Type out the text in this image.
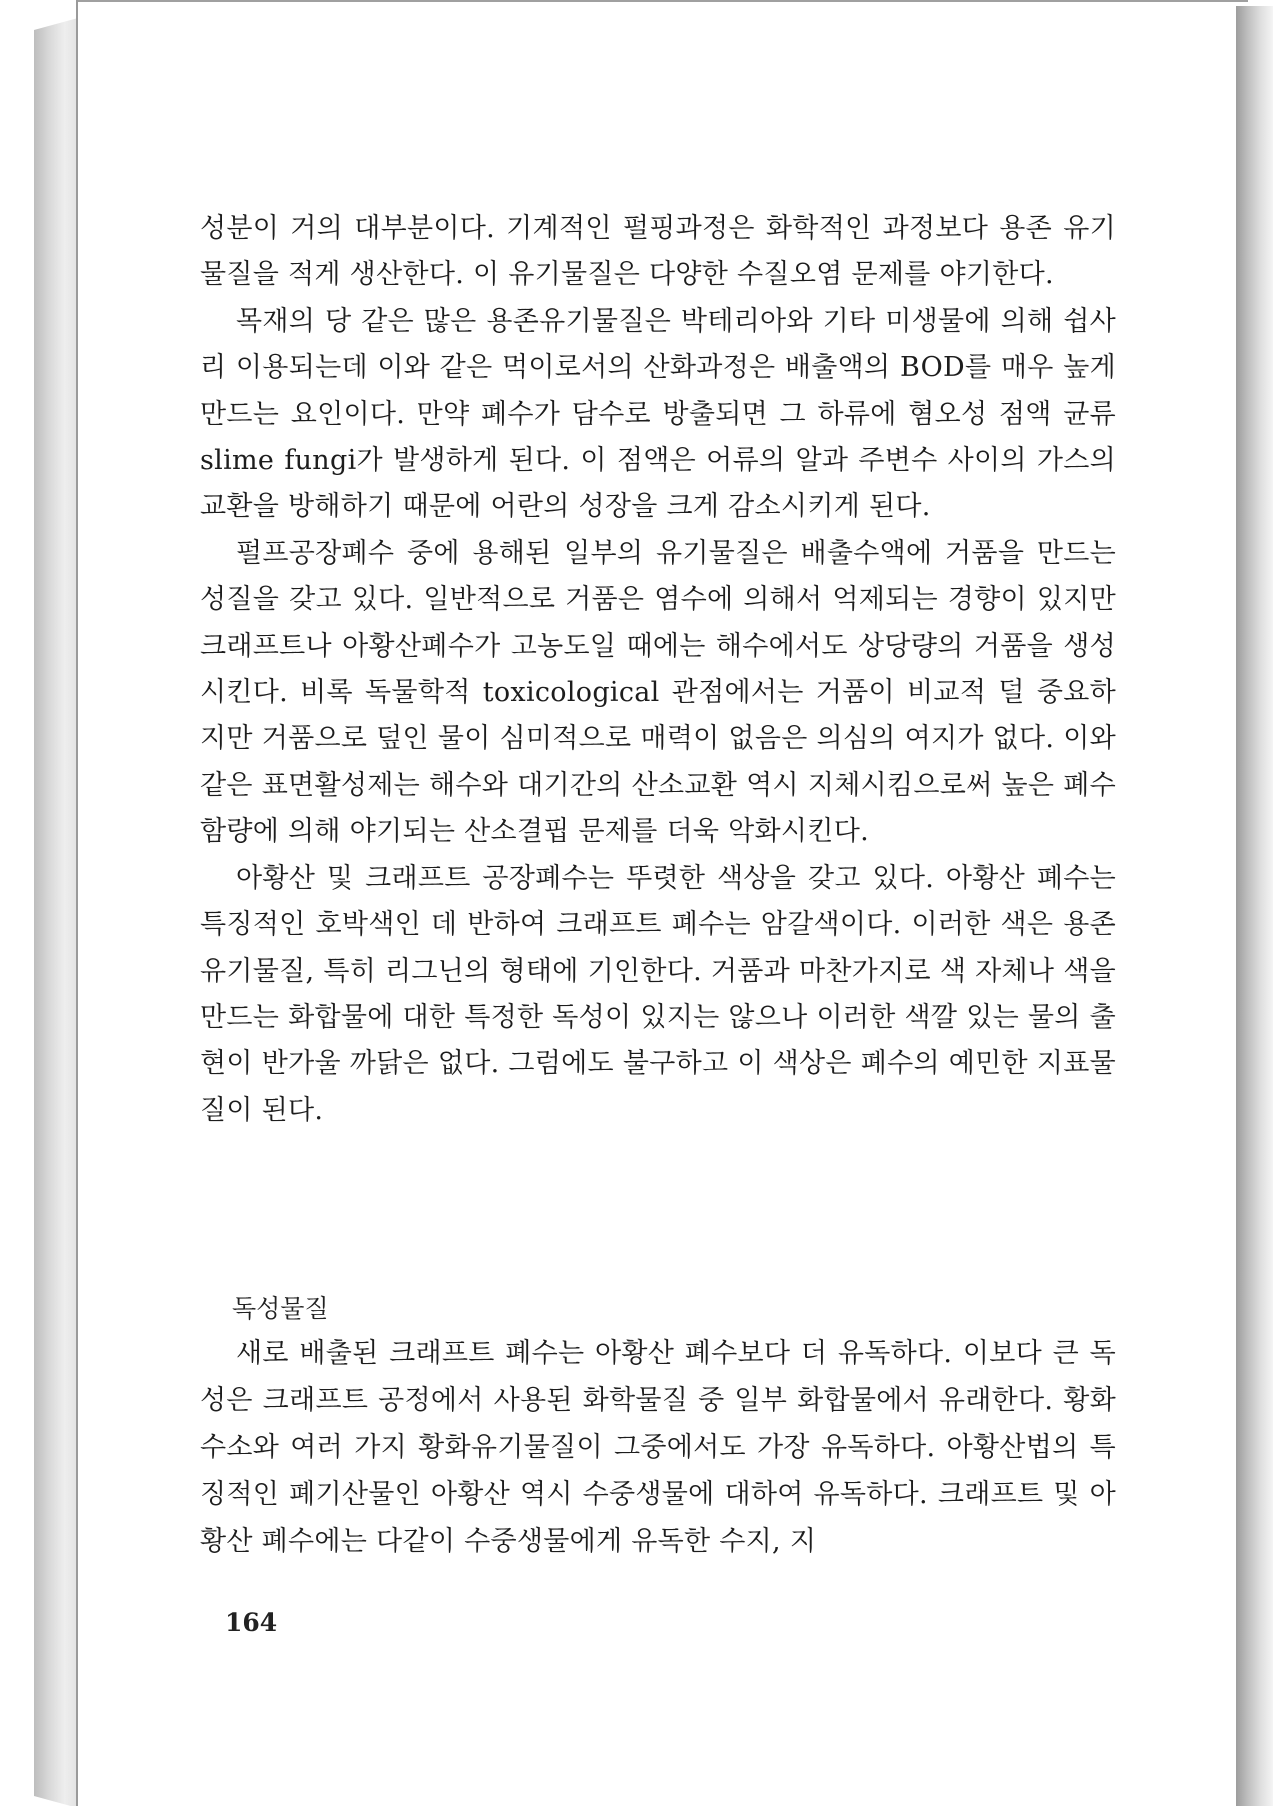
성분이 거의 대부분이다. 기계적인 펄핑과정은 화학적인 과정보다 용존 유기물질을 적게 생산한다. 이 유기물질은 다양한 수질오염 문제를 야기한다.

목재의 당 같은 많은 용존유기물질은 박테리아와 기타 미생물에 의해 쉽사리 이용되는데 이와 같은 먹이로서의 산화과정은 배출액의 BOD를 매우 높게 만드는 요인이다. 만약 폐수가 담수로 방출되면 그 하류에 혐오성 점액 균류 slime fungi가 발생하게 된다. 이 점액은 어류의 알과 주변수 사이의 가스의 교환을 방해하기 때문에 어란의 성장을 크게 감소시키게 된다.

펄프공장폐수 중에 용해된 일부의 유기물질은 배출수액에 거품을 만드는 성질을 갖고 있다. 일반적으로 거품은 염수에 의해서 억제되는 경향이 있지만 크래프트나 아황산폐수가 고농도일 때에는 해수에서도 상당량의 거품을 생성시킨다. 비록 독물학적 toxicological 관점에서는 거품이 비교적 덜 중요하지만 거품으로 덮인 물이 심미적으로 매력이 없음은 의심의 여지가 없다. 이와 같은 표면활성제는 해수와 대기간의 산소교환 역시 지체시킴으로써 높은 폐수 함량에 의해 야기되는 산소결핍 문제를 더욱 악화시킨다.

아황산 및 크래프트 공장폐수는 뚜렷한 색상을 갖고 있다. 아황산 폐수는 특징적인 호박색인 데 반하여 크래프트 폐수는 암갈색이다. 이러한 색은 용존유기물질, 특히 리그닌의 형태에 기인한다. 거품과 마찬가지로 색 자체나 색을 만드는 화합물에 대한 특정한 독성이 있지는 않으나 이러한 색깔 있는 물의 출현이 반가울 까닭은 없다. 그럼에도 불구하고 이 색상은 폐수의 예민한 지표물질이 된다.

독성물질

새로 배출된 크래프트 폐수는 아황산 폐수보다 더 유독하다. 이보다 큰 독성은 크래프트 공정에서 사용된 화학물질 중 일부 화합물에서 유래한다. 황화수소와 여러 가지 황화유기물질이 그중에서도 가장 유독하다. 아황산법의 특징적인 폐기산물인 아황산 역시 수중생물에 대하여 유독하다. 크래프트 및 아황산 폐수에는 다같이 수중생물에게 유독한 수지, 지

164
